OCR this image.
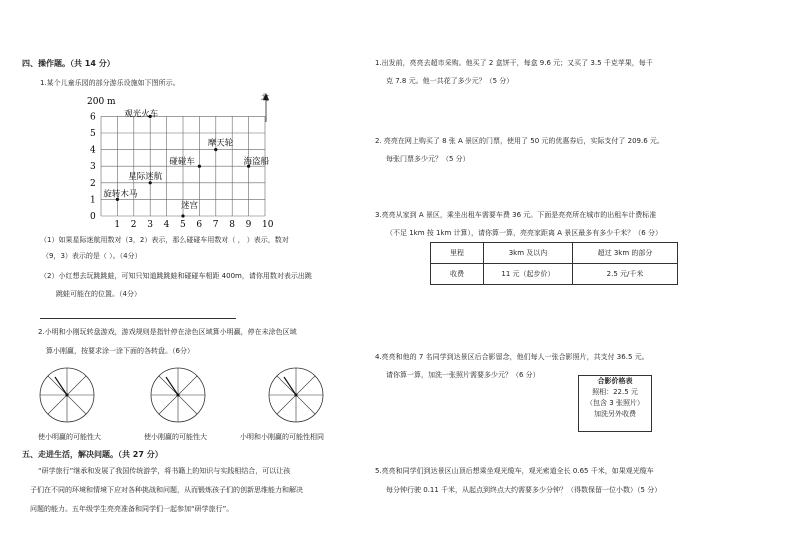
四、操作题。（共 14 分）
1.某个儿童乐园的部分游乐设施如下图所示。
200 m	北
1 2 3 4 5 6 7 8 9 10
0
1
2
3
4
5
6	观光火车
摩天轮
碰碰车	海盗船
星际迷航
旋转木马
迷宫
（1）如果星际迷航用数对（3，2）表示，那么碰碰车用数对（ ， ）表示，数对
（9，3）表示的是（ ）。（4分）
（2）小红想去玩跳跳蛙，可知只知道跳跳蛙和碰碰车相距 400m，请你用数对表示出跳
跳蛙可能在的位置。（4分）
2.小明和小刚玩转盘游戏，游戏规则是指针停在涂色区域算小明赢，停在未涂色区域
算小刚赢，按要求涂一涂下面的各转盘。（6分）
使小明赢的可能性大	使小刚赢的可能性大	小明和小刚赢的可能性相同
五、走进生活，解决问题。（共 27 分）
“研学旅行”继承和发展了我国传统游学，将书籍上的知识与实践相结合，可以让孩
子们在不同的环境和情境下应对各种挑战和问题，从而锻炼孩子们的创新思维能力和解决
问题的能力。五年级学生亮亮准备和同学们一起参加“研学旅行”。
1.出发前，亮亮去超市采购。他买了 2 盒饼干，每盒 9.6 元；又买了 3.5 千克苹果，每千
克 7.8 元。他一共花了多少元？（5 分）
2. 亮亮在网上购买了 8 张 A 景区的门票，使用了 50 元的优惠券后，实际支付了 209.6 元。
每张门票多少元？（5 分）
3.亮亮从家到 A 景区，乘坐出租车需要车费 36 元。下面是亮亮所在城市的出租车计费标准
（不足 1km 按 1km 计算），请你算一算，亮亮家距离 A 景区最多有多少千米？（6 分）
里程	3km 及以内	超过 3km 的部分
收费	11 元（起步价）	2.5 元/千米
4.亮亮和他的 7 名同学到达景区后合影留念，他们每人一张合影照片，共支付 36.5 元。
请你算一算，加洗一张照片需要多少元？（6 分）
合影价格表
照相：22.5 元
（包含 3 张照片）
加洗另外收费
5.亮亮和同学们到达景区山顶后想乘坐观光缆车，观光索道全长 0.65 千米，如果观光缆车
每分钟行驶 0.11 千米，从起点到终点大约需要多少分钟？（得数保留一位小数）（5 分）
